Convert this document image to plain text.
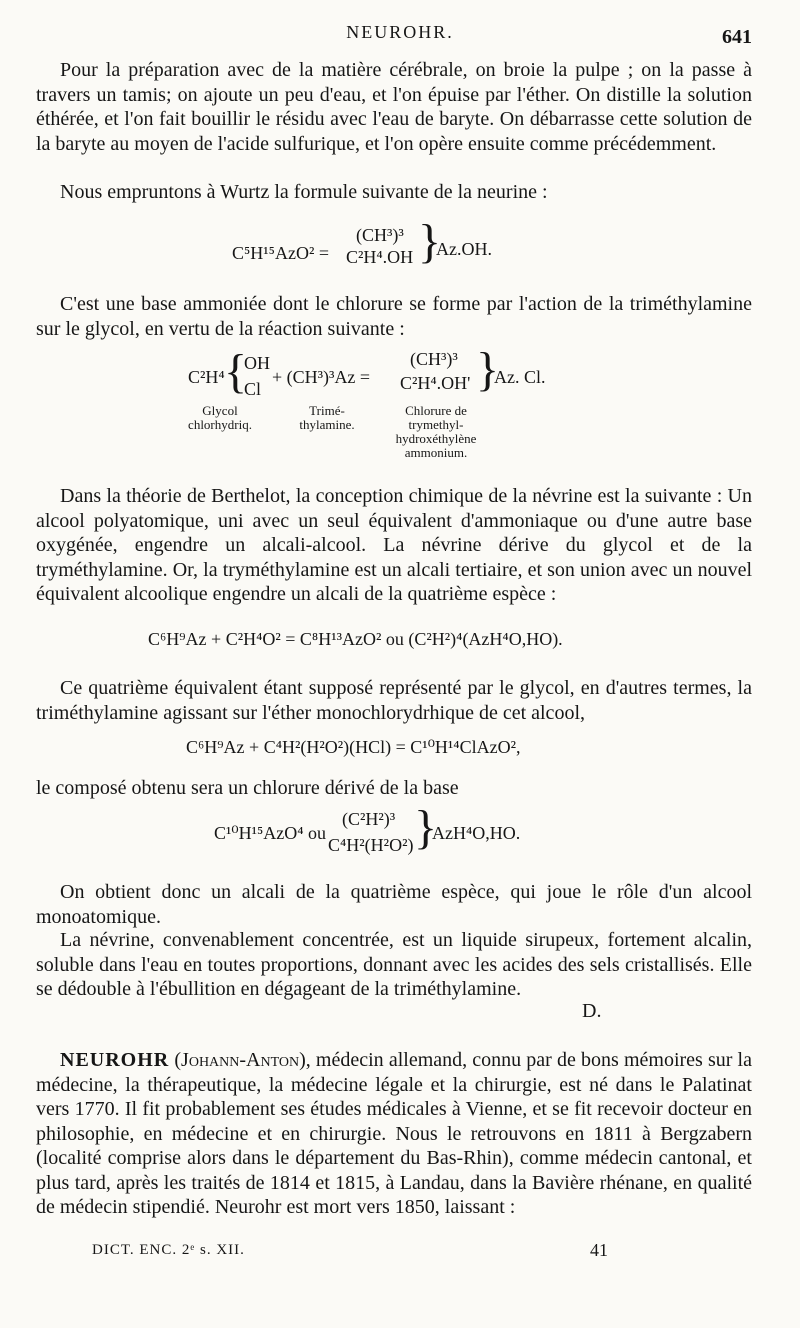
NEUROHR.	641

Pour la préparation avec de la matière cérébrale, on broie la pulpe ; on la passe à travers un tamis; on ajoute un peu d'eau, et l'on épuise par l'éther. On distille la solution éthérée, et l'on fait bouillir le résidu avec l'eau de baryte. On débarrasse cette solution de la baryte au moyen de l'acide sulfurique, et l'on opère ensuite comme précédemment.

Nous empruntons à Wurtz la formule suivante de la neurine :

C⁵H¹⁵AzO² =
(CH³)³
C²H⁴.OH }
Az.OH.

C'est une base ammoniée dont le chlorure se forme par l'action de la triméthylamine sur le glycol, en vertu de la réaction suivante :

C²H⁴ {
OH
Cl
+ (CH³)³Az =
(CH³)³
C²H⁴.OH' }
Az. Cl.
Glycol chlorhydriq.
Trimé-thylamine.
Chlorure de trymethyl-hydroxéthylène ammonium.

Dans la théorie de Berthelot, la conception chimique de la névrine est la suivante : Un alcool polyatomique, uni avec un seul équivalent d'ammoniaque ou d'une autre base oxygénée, engendre un alcali-alcool. La névrine dérive du glycol et de la tryméthylamine. Or, la tryméthylamine est un alcali tertiaire, et son union avec un nouvel équivalent alcoolique engendre un alcali de la quatrième espèce :

C⁶H⁹Az + C²H⁴O² = C⁸H¹³AzO² ou (C²H²)⁴(AzH⁴O,HO).

Ce quatrième équivalent étant supposé représenté par le glycol, en d'autres termes, la triméthylamine agissant sur l'éther monochlorydrhique de cet alcool,

C⁶H⁹Az + C⁴H²(H²O²)(HCl) = C¹⁰H¹⁴ClAzO²,

le composé obtenu sera un chlorure dérivé de la base

C¹⁰H¹⁵AzO⁴ ou
(C²H²)³
C⁴H²(H²O²) }
AzH⁴O,HO.

On obtient donc un alcali de la quatrième espèce, qui joue le rôle d'un alcool monoatomique.

La névrine, convenablement concentrée, est un liquide sirupeux, fortement alcalin, soluble dans l'eau en toutes proportions, donnant avec les acides des sels cristallisés. Elle se dédouble à l'ébullition en dégageant de la triméthylamine.

D.

NEUROHR (Johann-Anton), médecin allemand, connu par de bons mémoires sur la médecine, la thérapeutique, la médecine légale et la chirurgie, est né dans le Palatinat vers 1770. Il fit probablement ses études médicales à Vienne, et se fit recevoir docteur en philosophie, en médecine et en chirurgie. Nous le retrouvons en 1811 à Bergzabern (localité comprise alors dans le département du Bas-Rhin), comme médecin cantonal, et plus tard, après les traités de 1814 et 1815, à Landau, dans la Bavière rhénane, en qualité de médecin stipendié. Neurohr est mort vers 1850, laissant :

DICT. ENC. 2ᵉ s. XII.	41
